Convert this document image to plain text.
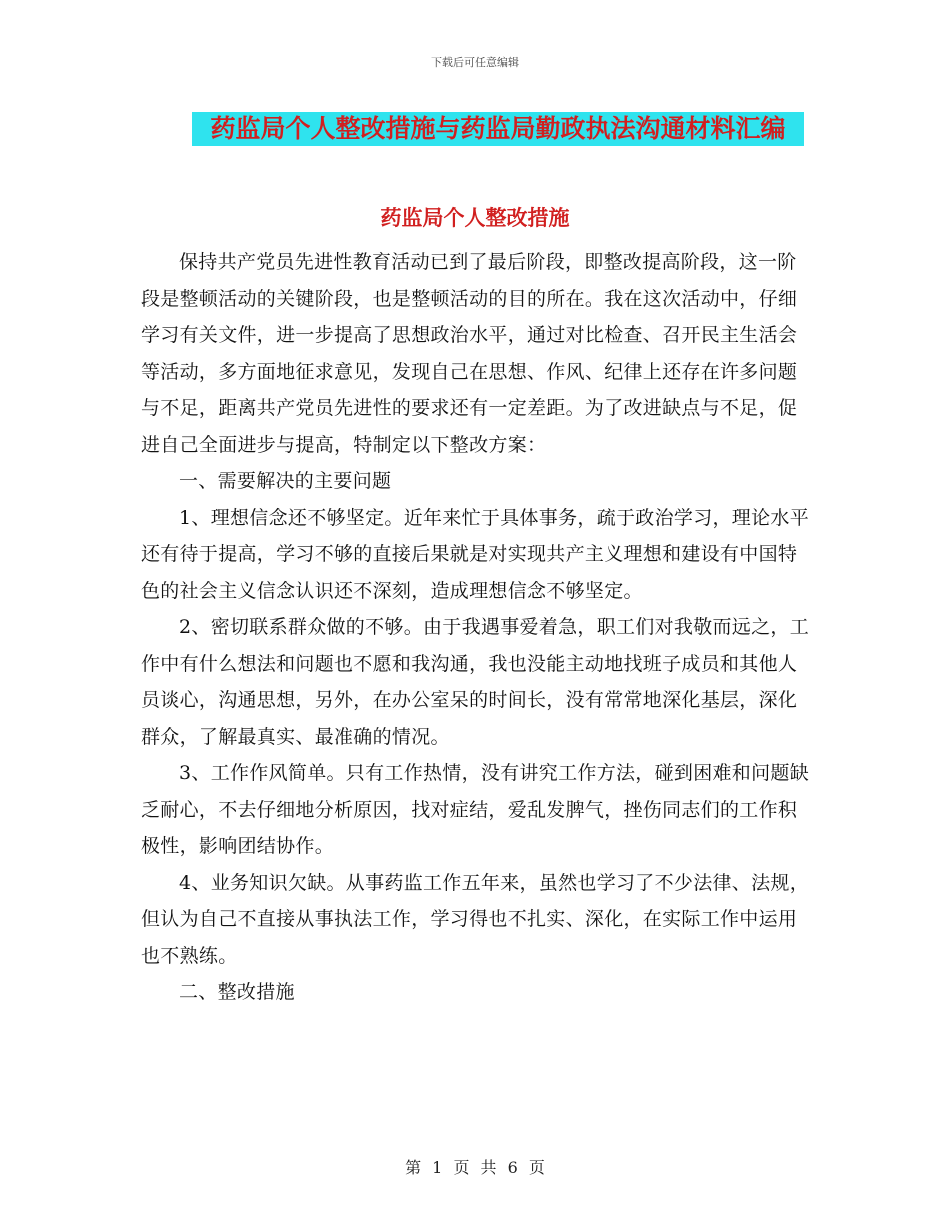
下载后可任意编辑
药监局个人整改措施与药监局勤政执法沟通材料汇编
药监局个人整改措施

保持共产党员先进性教育活动已到了最后阶段，即整改提高阶段，这一阶段是整顿活动的关键阶段，也是整顿活动的目的所在。我在这次活动中，仔细学习有关文件，进一步提高了思想政治水平，通过对比检查、召开民主生活会等活动，多方面地征求意见，发现自己在思想、作风、纪律上还存在许多问题与不足，距离共产党员先进性的要求还有一定差距。为了改进缺点与不足，促进自己全面进步与提高，特制定以下整改方案：

一、需要解决的主要问题

1、理想信念还不够坚定。近年来忙于具体事务，疏于政治学习，理论水平还有待于提高，学习不够的直接后果就是对实现共产主义理想和建设有中国特色的社会主义信念认识还不深刻，造成理想信念不够坚定。

2、密切联系群众做的不够。由于我遇事爱着急，职工们对我敬而远之，工作中有什么想法和问题也不愿和我沟通，我也没能主动地找班子成员和其他人员谈心，沟通思想，另外，在办公室呆的时间长，没有常常地深化基层，深化群众，了解最真实、最准确的情况。

3、工作作风简单。只有工作热情，没有讲究工作方法，碰到困难和问题缺乏耐心，不去仔细地分析原因，找对症结，爱乱发脾气，挫伤同志们的工作积极性，影响团结协作。

4、业务知识欠缺。从事药监工作五年来，虽然也学习了不少法律、法规，但认为自己不直接从事执法工作，学习得也不扎实、深化，在实际工作中运用也不熟练。

二、整改措施

第 1 页 共 6 页
